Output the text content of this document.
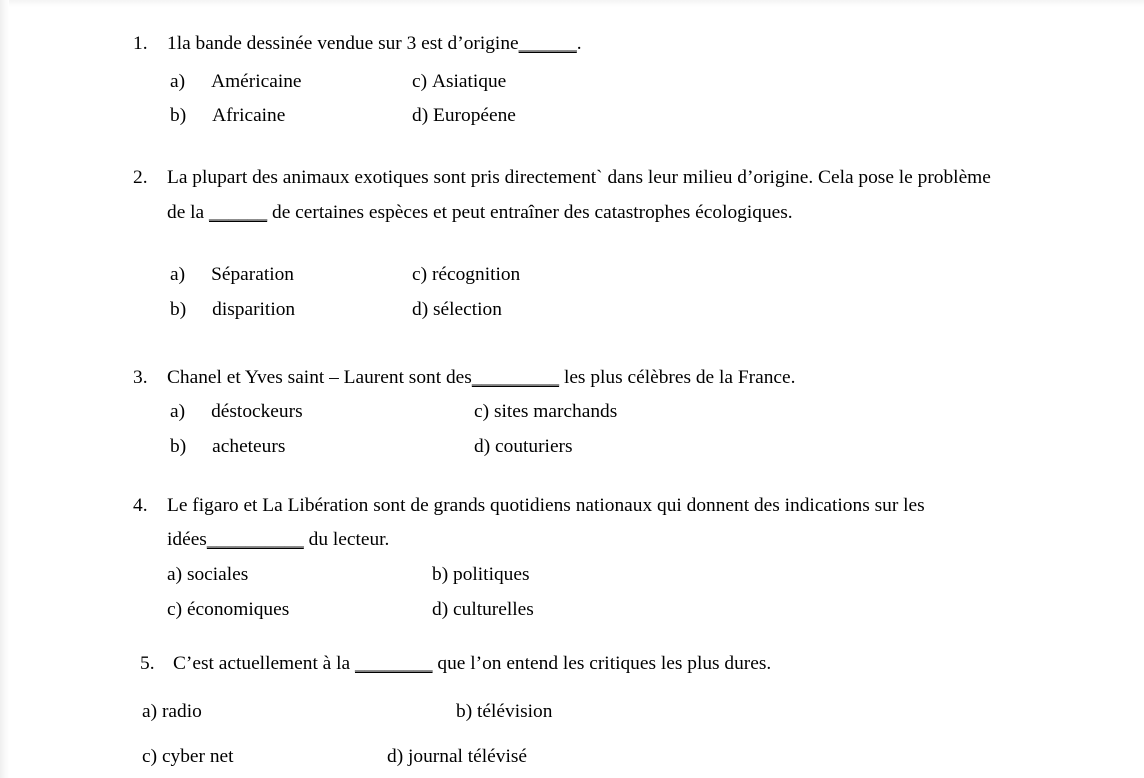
1. 1la bande dessinée vendue sur 3 est d’origine______.
a) Américaine	c) Asiatique
b) Africaine	d) Européene
2. La plupart des animaux exotiques sont pris directement` dans leur milieu d’origine. Cela pose le problème
de la ______ de certaines espèces et peut entraîner des catastrophes écologiques.
a) Séparation	c) récognition
b) disparition	d) sélection
3. Chanel et Yves saint – Laurent sont des_________ les plus célèbres de la France.
a) déstockeurs	c) sites marchands
b) acheteurs	d) couturiers
4. Le figaro et La Libération sont de grands quotidiens nationaux qui donnent des indications sur les
idées__________ du lecteur.
a) sociales	b) politiques
c) économiques	d) culturelles
5. C’est actuellement à la ________ que l’on entend les critiques les plus dures.
a) radio	b) télévision
c) cyber net	d) journal télévisé
